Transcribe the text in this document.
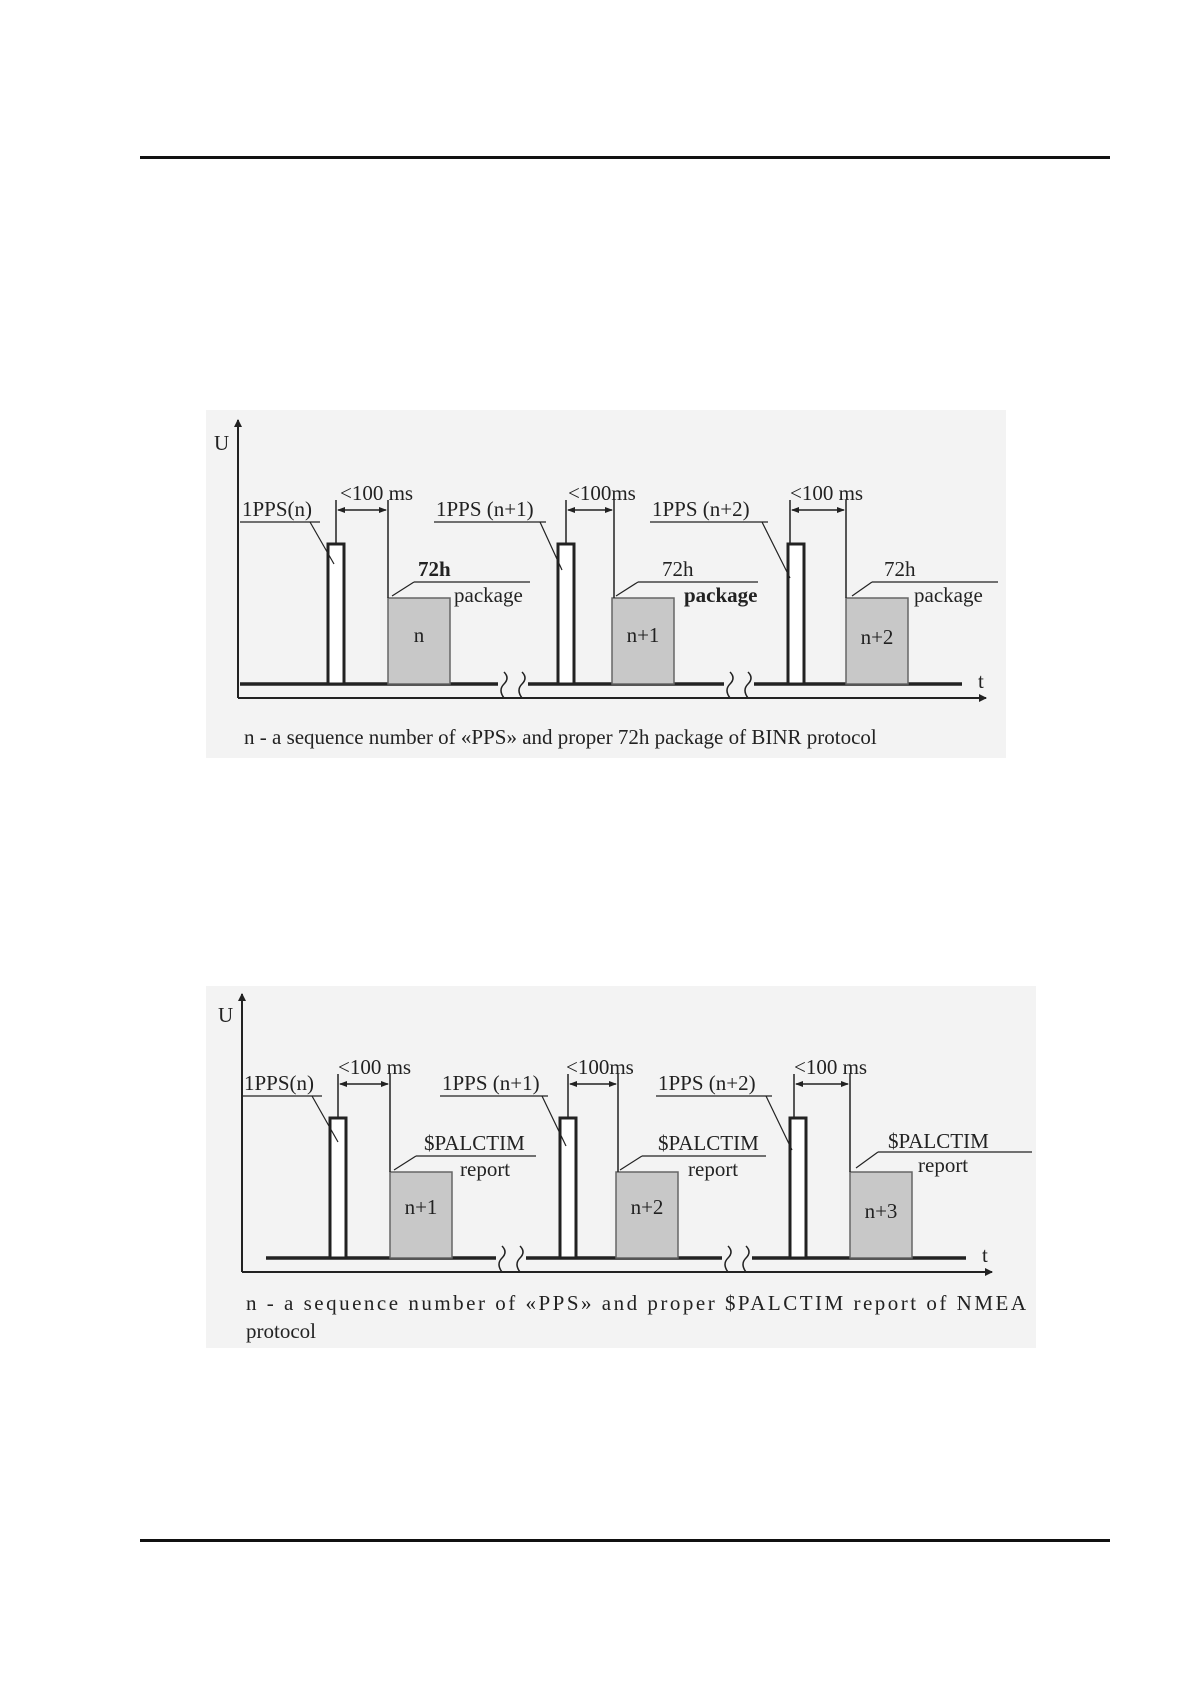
U
t
n
<100 ms
1PPS(n)
72h
package
n+1
<100ms
1PPS (n+1)
72h
package
n+2
<100 ms
1PPS (n+2)
72h
package
n - a sequence number of «PPS» and proper 72h package of BINR protocol
U
t
n+1
<100 ms
1PPS(n)
$PALCTIM
report
n+2
<100ms
1PPS (n+1)
$PALCTIM
report
n+3
<100 ms
1PPS (n+2)
$PALCTIM
report
n - a sequence number of «PPS» and proper $PALCTIM report of NMEA
protocol
